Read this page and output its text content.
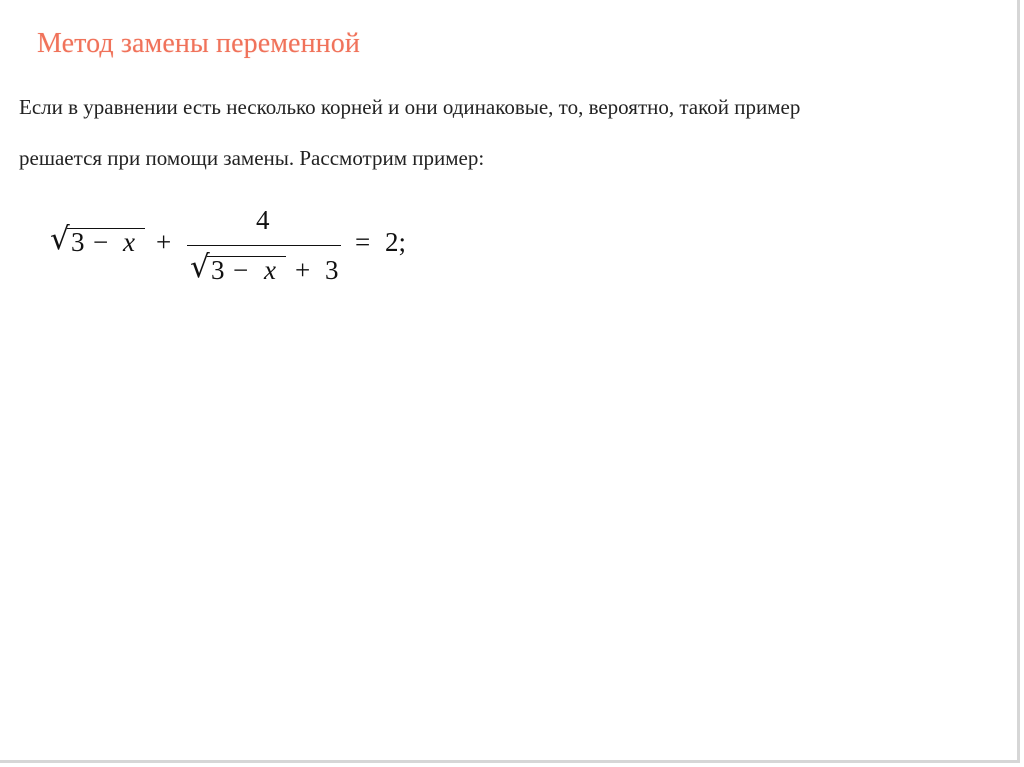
Метод замены переменной

Если в уравнении есть несколько корней и они одинаковые, то, вероятно, такой пример

решается при помощи замены. Рассмотрим пример:

√ 3 − x +
4
√ 3 − x + 3
= 2;
